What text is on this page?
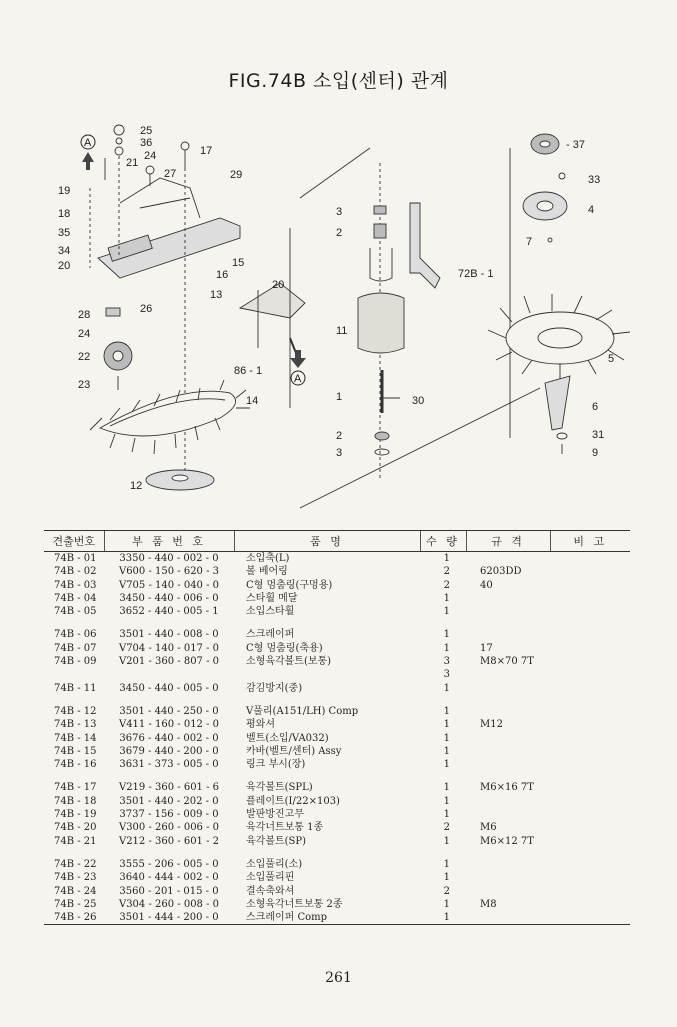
FIG.74B 소입(센터) 관계
25
36
24
21
17
27	29
19
18
35
34
20	15
16
13
26
28
24
22
23
14
12
20
86 - 1
3
2
72B - 1
11
1	30
2
3
- 37
33
4
7
5
6
31
9
A
A
견출번호	부 품 번 호	품 명	수 량	규 격	비 고
74B - 01	3350 - 440 - 002 - 0	소입축(L)	1		
74B - 02	V600 - 150 - 620 - 3	볼 베어링	2	6203DD	
74B - 03	V705 - 140 - 040 - 0	C형 멈춤링(구멍용)	2	40	
74B - 04	3450 - 440 - 006 - 0	스타휠 메달	1		
74B - 05	3652 - 440 - 005 - 1	소입스타휠	1		

74B - 06	3501 - 440 - 008 - 0	스크레이퍼	1		
74B - 07	V704 - 140 - 017 - 0	C형 멈춤링(축용)	1	17	
74B - 09	V201 - 360 - 807 - 0	소형육각볼트(보통)	3	M8×70 7T	
			3		
74B - 11	3450 - 440 - 005 - 0	감김방지(중)	1		

74B - 12	3501 - 440 - 250 - 0	V풀리(A151/LH) Comp	1		
74B - 13	V411 - 160 - 012 - 0	평와셔	1	M12	
74B - 14	3676 - 440 - 002 - 0	벨트(소입/VA032)	1		
74B - 15	3679 - 440 - 200 - 0	카바(벨트/센터) Assy	1		
74B - 16	3631 - 373 - 005 - 0	링크 부시(장)	1		

74B - 17	V219 - 360 - 601 - 6	육각볼트(SPL)	1	M6×16 7T	
74B - 18	3501 - 440 - 202 - 0	플레이트(I/22×103)	1		
74B - 19	3737 - 156 - 009 - 0	발판방진고무	1		
74B - 20	V300 - 260 - 006 - 0	육각너트보통 1종	2	M6	
74B - 21	V212 - 360 - 601 - 2	육각볼트(SP)	1	M6×12 7T	

74B - 22	3555 - 206 - 005 - 0	소입풀리(소)	1		
74B - 23	3640 - 444 - 002 - 0	소입풀리핀	1		
74B - 24	3560 - 201 - 015 - 0	결속축와셔	2		
74B - 25	V304 - 260 - 008 - 0	소형육각너트보통 2종	1	M8	
74B - 26	3501 - 444 - 200 - 0	스크레이퍼 Comp	1		
261
